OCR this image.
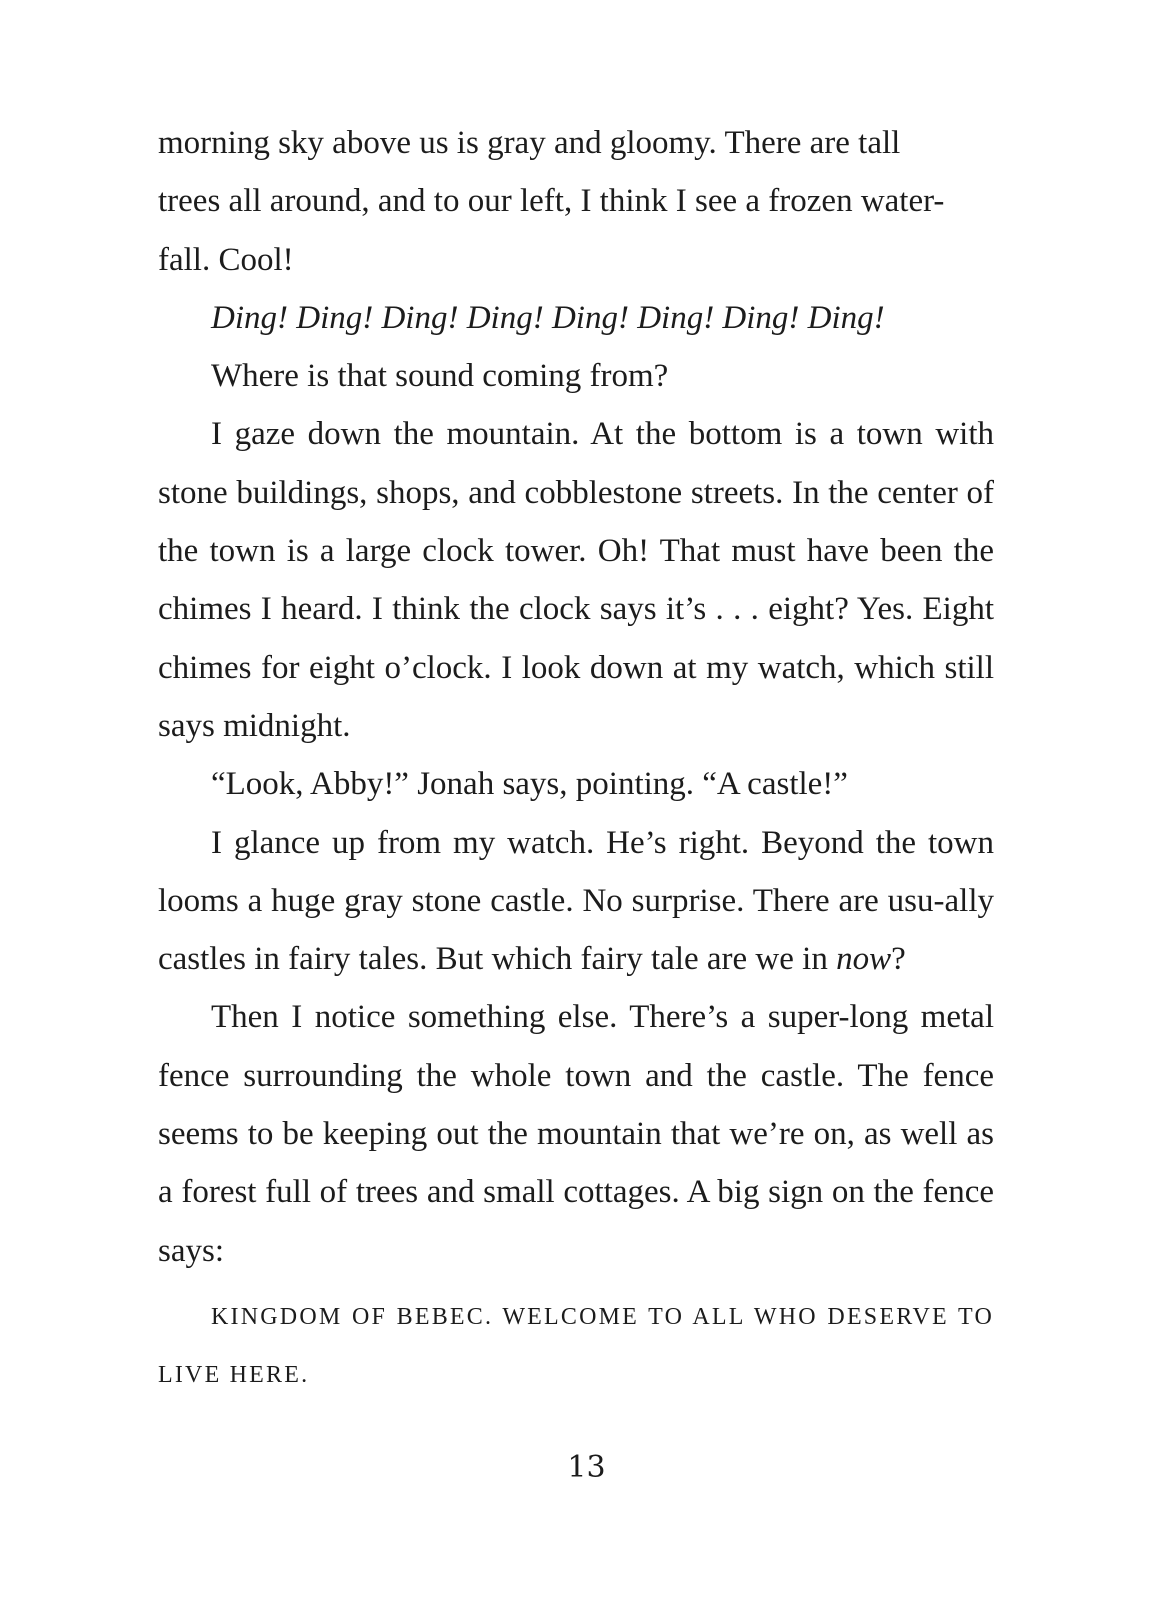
morning sky above us is gray and gloomy. There are tall
trees all around, and to our left, I think I see a frozen water-
fall. Cool!

Ding! Ding! Ding! Ding! Ding! Ding! Ding! Ding!

Where is that sound coming from?

I gaze down the mountain. At the bottom is a town with stone buildings, shops, and cobblestone streets. In the center of the town is a large clock tower. Oh! That must have been the chimes I heard. I think the clock says it’s . . . eight? Yes. Eight chimes for eight o’clock. I look down at my watch, which still says midnight.

“Look, Abby!” Jonah says, pointing. “A castle!”

I glance up from my watch. He’s right. Beyond the town looms a huge gray stone castle. No surprise. There are usu-ally castles in fairy tales. But which fairy tale are we in now?

Then I notice something else. There’s a super-long metal fence surrounding the whole town and the castle. The fence seems to be keeping out the mountain that we’re on, as well as a forest full of trees and small cottages. A big sign on the fence says:

KINGDOM OF BEBEC. WELCOME TO ALL WHO DESERVE TO LIVE HERE.

13
